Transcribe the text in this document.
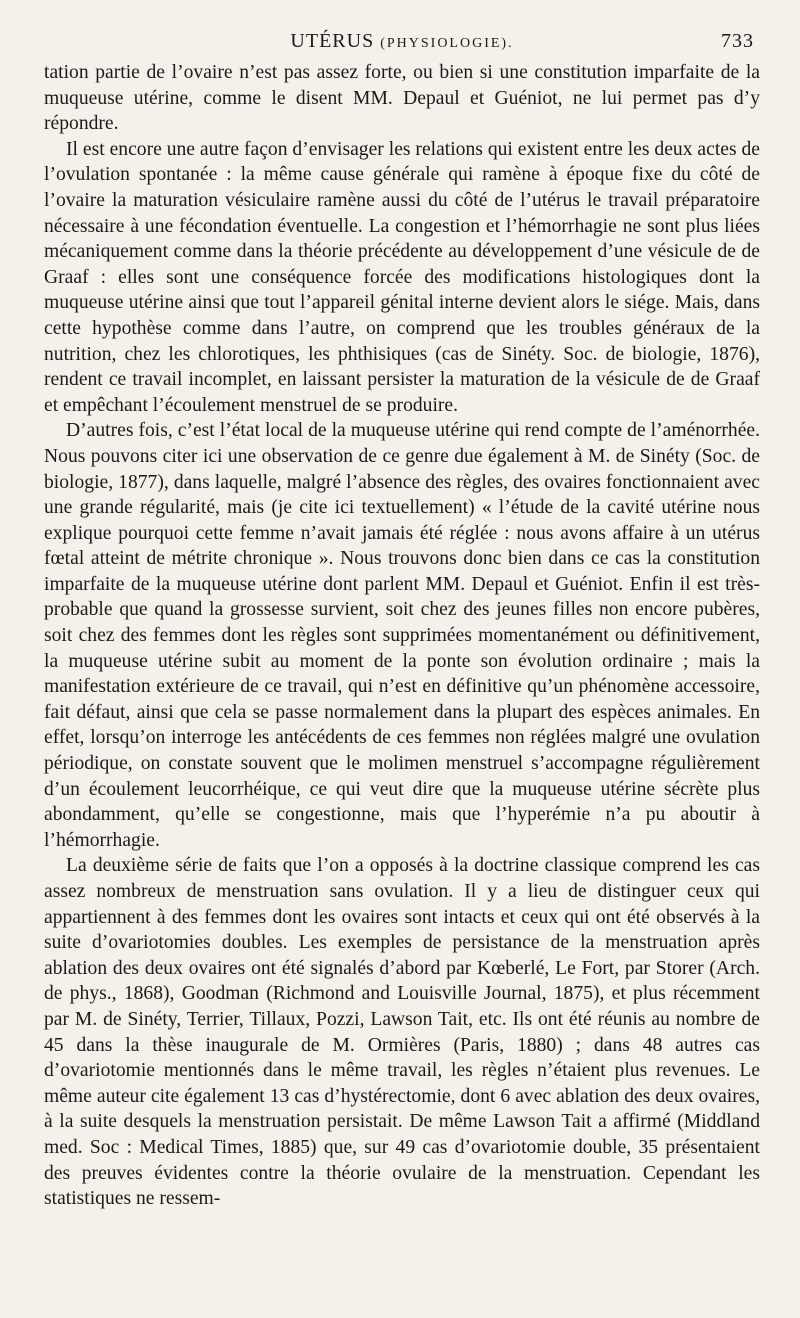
UTÉRUS (PHYSIOLOGIE).	733

tation partie de l’ovaire n’est pas assez forte, ou bien si une constitution imparfaite de la muqueuse utérine, comme le disent MM. Depaul et Guéniot, ne lui permet pas d’y répondre.

Il est encore une autre façon d’envisager les relations qui existent entre les deux actes de l’ovulation spontanée : la même cause générale qui ramène à époque fixe du côté de l’ovaire la maturation vésiculaire ramène aussi du côté de l’utérus le travail préparatoire nécessaire à une fécondation éventuelle. La congestion et l’hémorrhagie ne sont plus liées mécaniquement comme dans la théorie précédente au développement d’une vésicule de de Graaf : elles sont une conséquence forcée des modifications histologiques dont la muqueuse utérine ainsi que tout l’appareil génital interne devient alors le siége. Mais, dans cette hypothèse comme dans l’autre, on comprend que les troubles généraux de la nutrition, chez les chlorotiques, les phthisiques (cas de Sinéty. Soc. de biologie, 1876), rendent ce travail incomplet, en laissant persister la maturation de la vésicule de de Graaf et empêchant l’écoulement menstruel de se produire.

D’autres fois, c’est l’état local de la muqueuse utérine qui rend compte de l’aménorrhée. Nous pouvons citer ici une observation de ce genre due également à M. de Sinéty (Soc. de biologie, 1877), dans laquelle, malgré l’absence des règles, des ovaires fonctionnaient avec une grande régularité, mais (je cite ici textuellement) « l’étude de la cavité utérine nous explique pourquoi cette femme n’avait jamais été réglée : nous avons affaire à un utérus fœtal atteint de métrite chronique ». Nous trouvons donc bien dans ce cas la constitution imparfaite de la muqueuse utérine dont parlent MM. Depaul et Guéniot. Enfin il est très-probable que quand la grossesse survient, soit chez des jeunes filles non encore pubères, soit chez des femmes dont les règles sont supprimées momentanément ou définitivement, la muqueuse utérine subit au moment de la ponte son évolution ordinaire ; mais la manifestation extérieure de ce travail, qui n’est en définitive qu’un phénomène accessoire, fait défaut, ainsi que cela se passe normalement dans la plupart des espèces animales. En effet, lorsqu’on interroge les antécédents de ces femmes non réglées malgré une ovulation périodique, on constate souvent que le molimen menstruel s’accompagne régulièrement d’un écoulement leucorrhéique, ce qui veut dire que la muqueuse utérine sécrète plus abondamment, qu’elle se congestionne, mais que l’hyperémie n’a pu aboutir à l’hémorrhagie.

La deuxième série de faits que l’on a opposés à la doctrine classique comprend les cas assez nombreux de menstruation sans ovulation. Il y a lieu de distinguer ceux qui appartiennent à des femmes dont les ovaires sont intacts et ceux qui ont été observés à la suite d’ovariotomies doubles. Les exemples de persistance de la menstruation après ablation des deux ovaires ont été signalés d’abord par Kœberlé, Le Fort, par Storer (Arch. de phys., 1868), Goodman (Richmond and Louisville Journal, 1875), et plus récemment par M. de Sinéty, Terrier, Tillaux, Pozzi, Lawson Tait, etc. Ils ont été réunis au nombre de 45 dans la thèse inaugurale de M. Ormières (Paris, 1880) ; dans 48 autres cas d’ovariotomie mentionnés dans le même travail, les règles n’étaient plus revenues. Le même auteur cite également 13 cas d’hystérectomie, dont 6 avec ablation des deux ovaires, à la suite desquels la menstruation persistait. De même Lawson Tait a affirmé (Middland med. Soc : Medical Times, 1885) que, sur 49 cas d’ovariotomie double, 35 présentaient des preuves évidentes contre la théorie ovulaire de la menstruation. Cependant les statistiques ne ressem-
